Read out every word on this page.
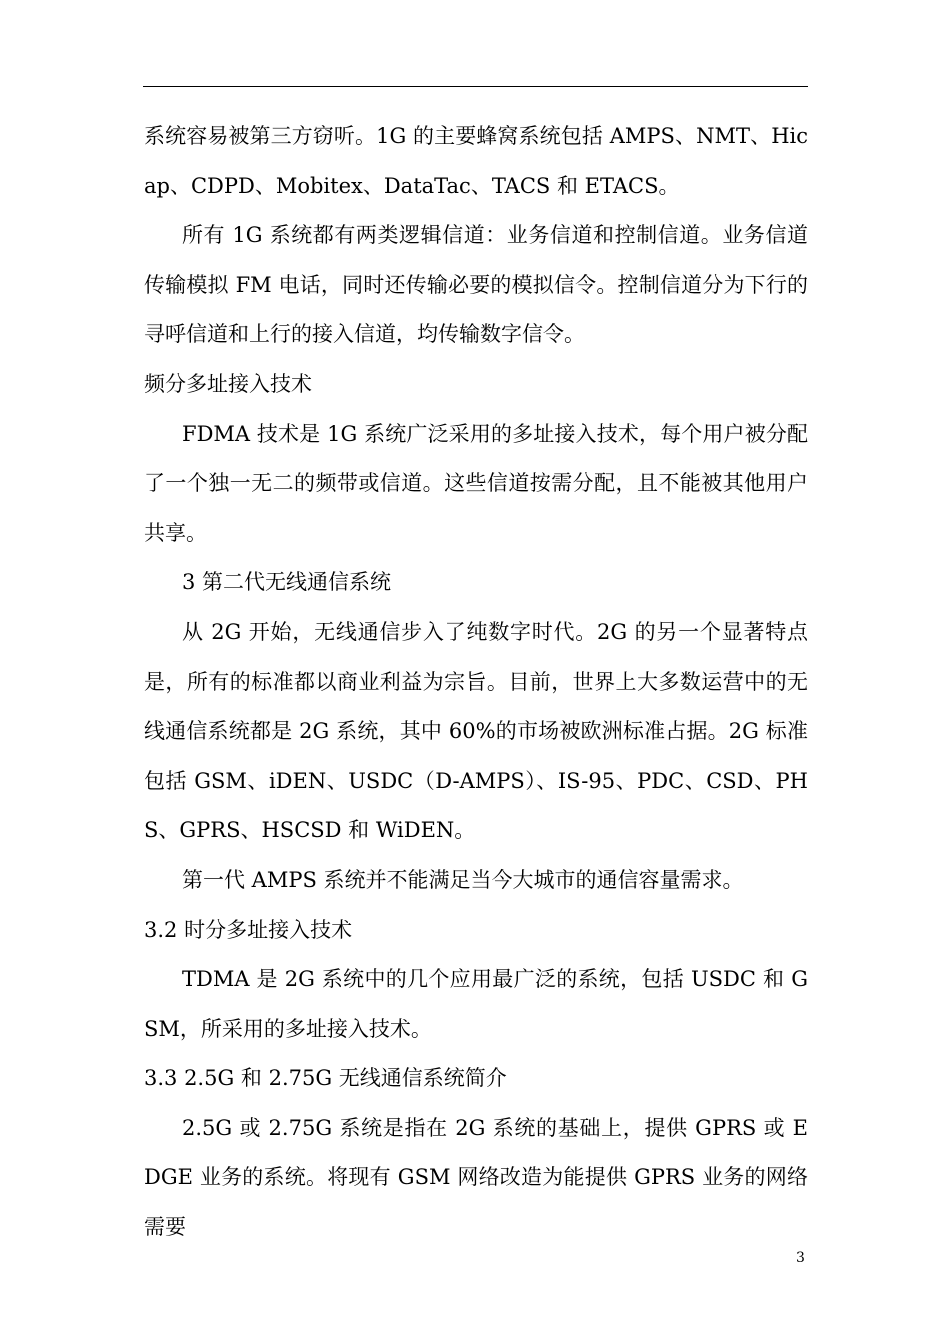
系统容易被第三方窃听。1G 的主要蜂窝系统包括 AMPS、NMT、Hicap、CDPD、Mobitex、DataTac、TACS 和 ETACS。

所有 1G 系统都有两类逻辑信道：业务信道和控制信道。业务信道传输模拟 FM 电话，同时还传输必要的模拟信令。控制信道分为下行的寻呼信道和上行的接入信道，均传输数字信令。

频分多址接入技术

FDMA 技术是 1G 系统广泛采用的多址接入技术，每个用户被分配了一个独一无二的频带或信道。这些信道按需分配，且不能被其他用户共享。

3 第二代无线通信系统

从 2G 开始，无线通信步入了纯数字时代。2G 的另一个显著特点是，所有的标准都以商业利益为宗旨。目前，世界上大多数运营中的无线通信系统都是 2G 系统，其中 60%的市场被欧洲标准占据。2G 标准包括 GSM、iDEN、USDC（D-AMPS）、IS-95、PDC、CSD、PHS、GPRS、HSCSD 和 WiDEN。

第一代 AMPS 系统并不能满足当今大城市的通信容量需求。

3.2 时分多址接入技术

TDMA 是 2G 系统中的几个应用最广泛的系统，包括 USDC 和 GSM，所采用的多址接入技术。

3.3 2.5G 和 2.75G 无线通信系统简介

2.5G 或 2.75G 系统是指在 2G 系统的基础上，提供 GPRS 或 EDGE 业务的系统。将现有 GSM 网络改造为能提供 GPRS 业务的网络需要

3
